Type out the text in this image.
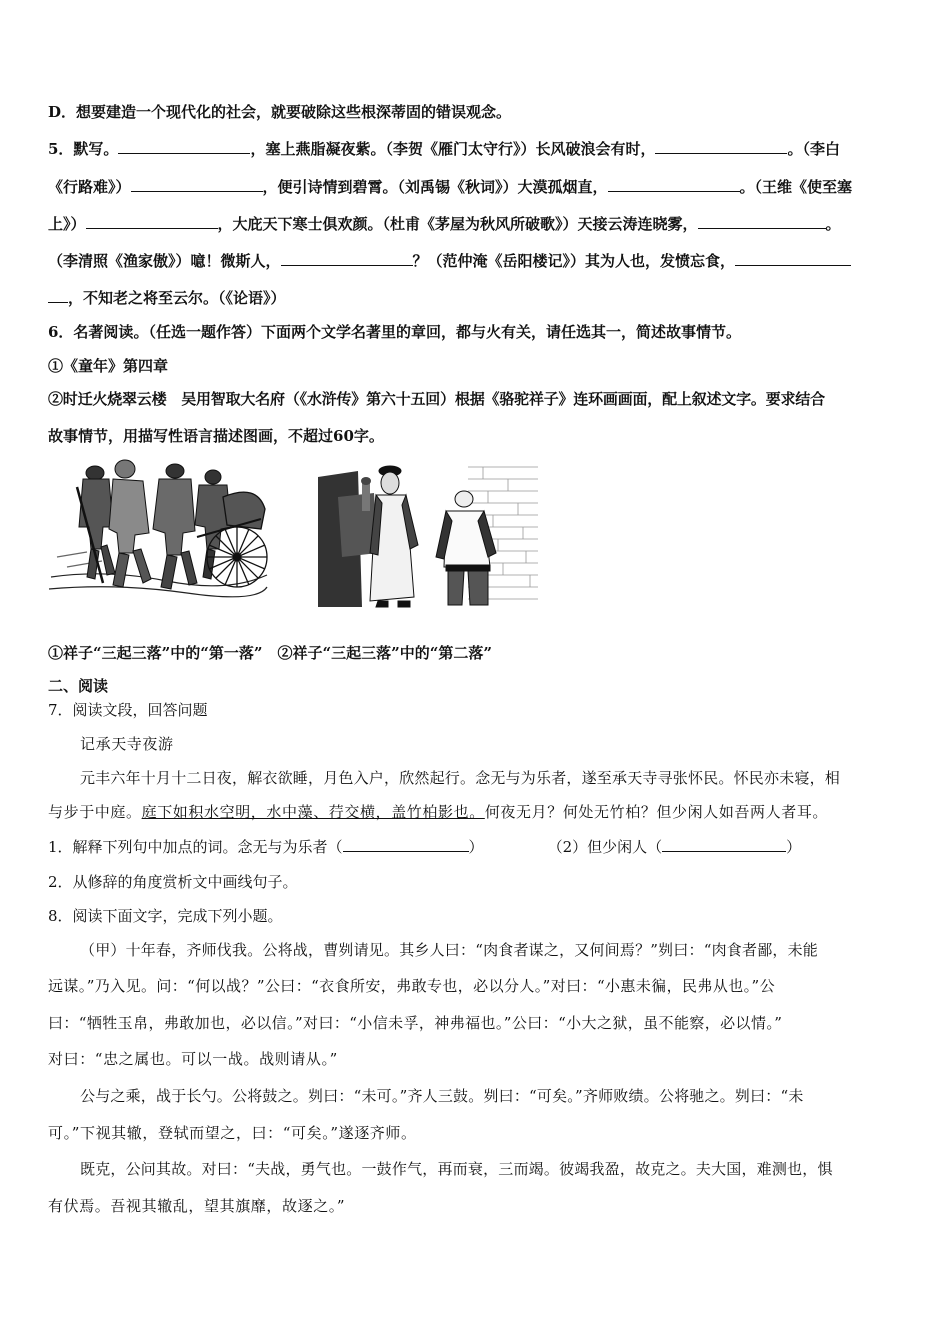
D．想要建造一个现代化的社会，就要破除这些根深蒂固的错误观念。
5．默写。	，塞上燕脂凝夜紫。（李贺《雁门太守行》）长风破浪会有时，	。（李白
《行路难》）	，便引诗情到碧霄。（刘禹锡《秋词》）大漠孤烟直，	。（王维《使至塞
上》）	，大庇天下寒士俱欢颜。（杜甫《茅屋为秋风所破歌》）天接云涛连晓雾，	。
（李清照《渔家傲》）噫！微斯人，	？（范仲淹《岳阳楼记》）其为人也，发愤忘食，
，不知老之将至云尔。（《论语》）
6．名著阅读。（任选一题作答）下面两个文学名著里的章回，都与火有关，请任选其一，简述故事情节。
①《童年》第四章
②时迁火烧翠云楼　吴用智取大名府（《水浒传》第六十五回）根据《骆驼祥子》连环画画面，配上叙述文字。要求结合
故事情节，用描写性语言描述图画，不超过60字。
①祥子“三起三落”中的“第一落”　②祥子“三起三落”中的“第二落”
二、阅读
7．阅读文段，回答问题
记承天寺夜游
元丰六年十月十二日夜，解衣欲睡，月色入户，欣然起行。念无与为乐者，遂至承天寺寻张怀民。怀民亦未寝，相
与步于中庭。庭下如积水空明，水中藻、荇交横，盖竹柏影也。何夜无月？何处无竹柏？但少闲人如吾两人者耳。
1．解释下列句中加点的词。念无与为乐者（	）	（2）但少闲人（	）
2．从修辞的角度赏析文中画线句子。
8．阅读下面文字，完成下列小题。
（甲）十年春，齐师伐我。公将战，曹刿请见。其乡人曰：“肉食者谋之，又何间焉？”刿曰：“肉食者鄙，未能
远谋。”乃入见。问：“何以战？”公曰：“衣食所安，弗敢专也，必以分人。”对曰：“小惠未徧，民弗从也。”公
曰：“牺牲玉帛，弗敢加也，必以信。”对曰：“小信未孚，神弗福也。”公曰：“小大之狱，虽不能察，必以情。”
对曰：“忠之属也。可以一战。战则请从。”
公与之乘，战于长勺。公将鼓之。刿曰：“未可。”齐人三鼓。刿曰：“可矣。”齐师败绩。公将驰之。刿曰：“未
可。”下视其辙，登轼而望之，曰：“可矣。”遂逐齐师。
既克，公问其故。对曰：“夫战，勇气也。一鼓作气，再而衰，三而竭。彼竭我盈，故克之。夫大国，难测也，惧
有伏焉。吾视其辙乱，望其旗靡，故逐之。”
